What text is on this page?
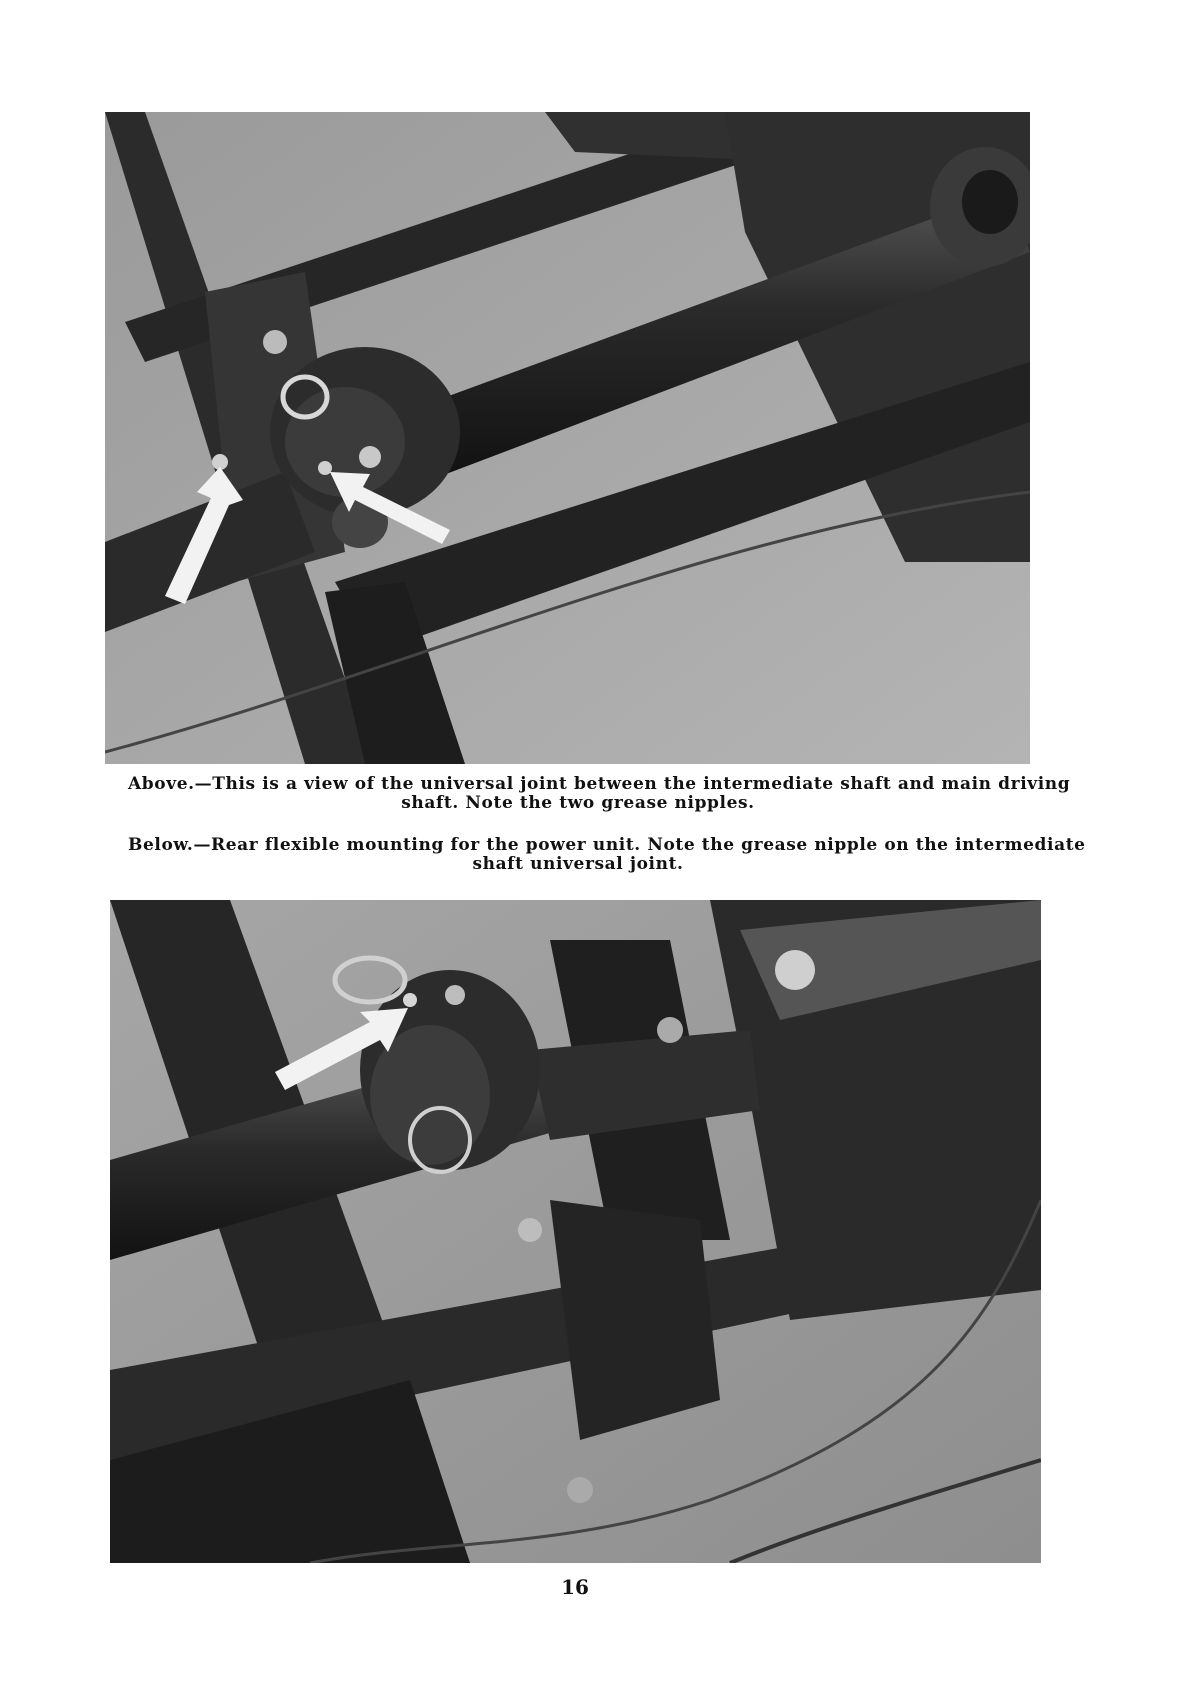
Above.—This is a view of the universal joint between the intermediate shaft and main driving
shaft. Note the two grease nipples.
Below.—Rear flexible mounting for the power unit. Note the grease nipple on the intermediate
shaft universal joint.
16
